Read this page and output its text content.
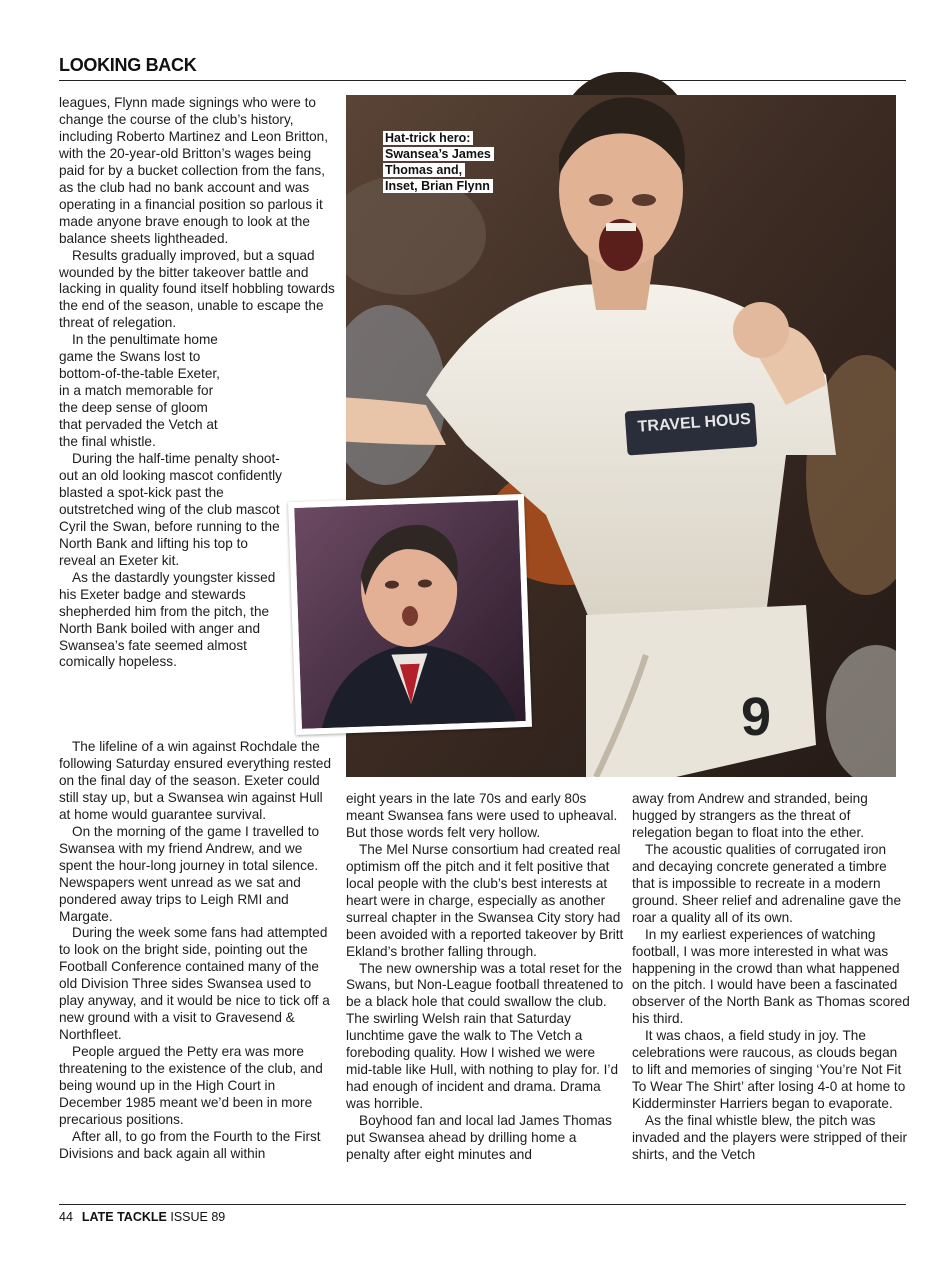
LOOKING BACK

leagues, Flynn made signings who were to change the course of the club’s history, including Roberto Martinez and Leon Britton, with the 20-year-old Britton’s wages being paid for by a bucket collection from the fans, as the club had no bank account and was operating in a financial position so parlous it made anyone brave enough to look at the balance sheets lightheaded.

Results gradually improved, but a squad wounded by the bitter takeover battle and lacking in quality found itself hobbling towards the end of the season, unable to escape the threat of relegation.

In the penultimate home game the Swans lost to bottom-of-the-table Exeter, in a match memorable for the deep sense of gloom that pervaded the Vetch at the final whistle.

During the half-time penalty shoot-out an old looking mascot confidently blasted a spot-kick past the outstretched wing of the club mascot Cyril the Swan, before running to the North Bank and lifting his top to reveal an Exeter kit.

As the dastardly youngster kissed his Exeter badge and stewards shepherded him from the pitch, the North Bank boiled with anger and Swansea’s fate seemed almost comically hopeless.

The lifeline of a win against Rochdale the following Saturday ensured everything rested on the final day of the season. Exeter could still stay up, but a Swansea win against Hull at home would guarantee survival.

On the morning of the game I travelled to Swansea with my friend Andrew, and we spent the hour-long journey in total silence. Newspapers went unread as we sat and pondered away trips to Leigh RMI and Margate.

During the week some fans had attempted to look on the bright side, pointing out the Football Conference contained many of the old Division Three sides Swansea used to play anyway, and it would be nice to tick off a new ground with a visit to Gravesend & Northfleet.

People argued the Petty era was more threatening to the existence of the club, and being wound up in the High Court in December 1985 meant we’d been in more precarious positions.

After all, to go from the Fourth to the First Divisions and back again all within

TRAVEL HOUS
9
Hat-trick hero:
Swansea’s James
Thomas and,
Inset, Brian Flynn

eight years in the late 70s and early 80s meant Swansea fans were used to upheaval. But those words felt very hollow.

The Mel Nurse consortium had created real optimism off the pitch and it felt positive that local people with the club’s best interests at heart were in charge, especially as another surreal chapter in the Swansea City story had been avoided with a reported takeover by Britt Ekland’s brother falling through.

The new ownership was a total reset for the Swans, but Non-League football threatened to be a black hole that could swallow the club. The swirling Welsh rain that Saturday lunchtime gave the walk to The Vetch a foreboding quality. How I wished we were mid-table like Hull, with nothing to play for. I’d had enough of incident and drama. Drama was horrible.

Boyhood fan and local lad James Thomas put Swansea ahead by drilling home a penalty after eight minutes and

away from Andrew and stranded, being hugged by strangers as the threat of relegation began to float into the ether.

The acoustic qualities of corrugated iron and decaying concrete generated a timbre that is impossible to recreate in a modern ground. Sheer relief and adrenaline gave the roar a quality all of its own.

In my earliest experiences of watching football, I was more interested in what was happening in the crowd than what happened on the pitch. I would have been a fascinated observer of the North Bank as Thomas scored his third.

It was chaos, a field study in joy. The celebrations were raucous, as clouds began to lift and memories of singing ‘You’re Not Fit To Wear The Shirt’ after losing 4-0 at home to Kidderminster Harriers began to evaporate.

As the final whistle blew, the pitch was invaded and the players were stripped of their shirts, and the Vetch

44 LATE TACKLE ISSUE 89
